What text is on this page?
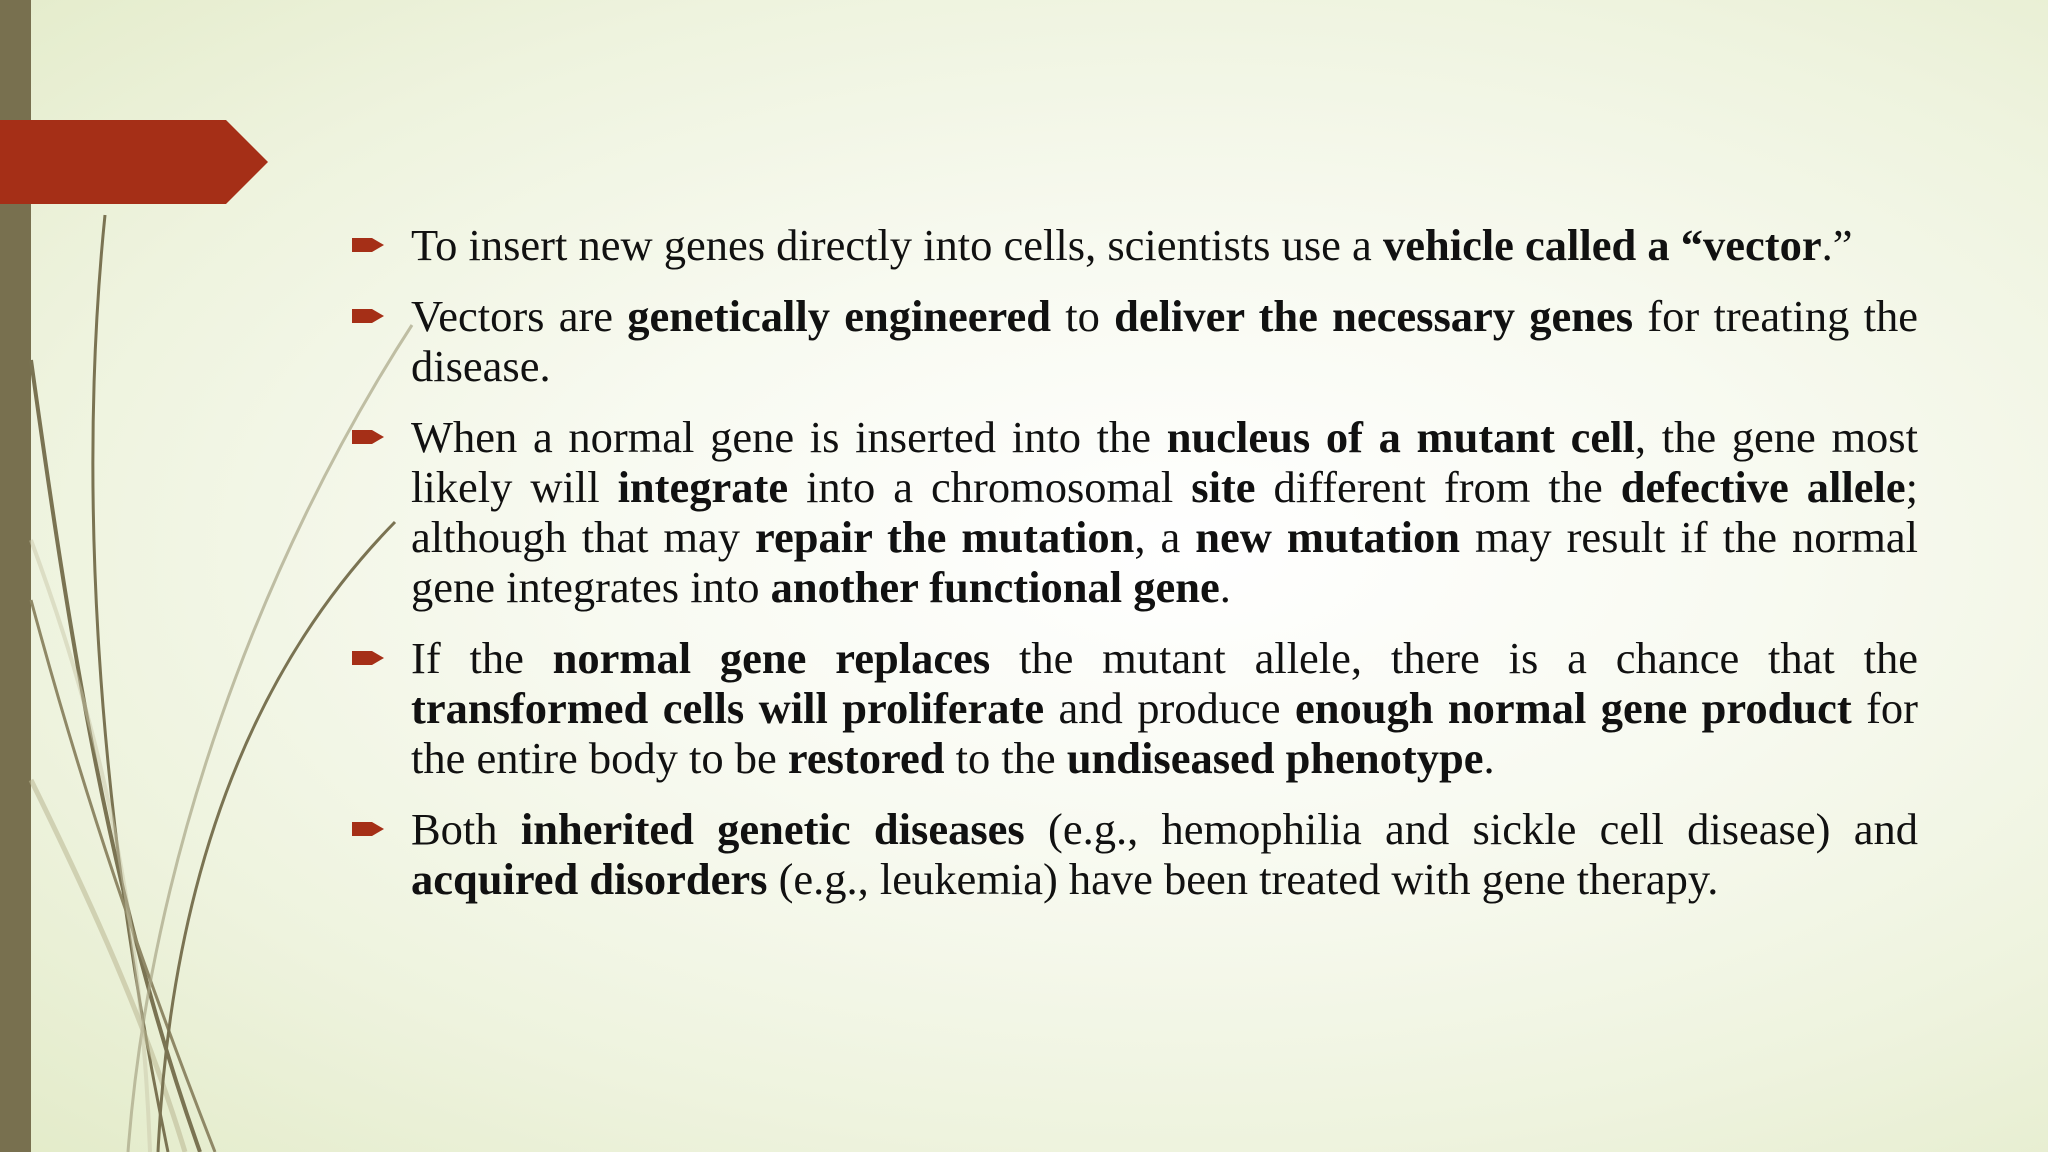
To insert new genes directly into cells, scientists use a vehicle called a “vector.”
Vectors are genetically engineered to deliver the necessary genes for treating the disease.
When a normal gene is inserted into the nucleus of a mutant cell, the gene most likely will integrate into a chromosomal site different from the defective allele; although that may repair the mutation, a new mutation may result if the normal gene integrates into another functional gene.
If the normal gene replaces the mutant allele, there is a chance that the transformed cells will proliferate and produce enough normal gene product for the entire body to be restored to the undiseased phenotype.
Both inherited genetic diseases (e.g., hemophilia and sickle cell disease) and acquired disorders (e.g., leukemia) have been treated with gene therapy.
